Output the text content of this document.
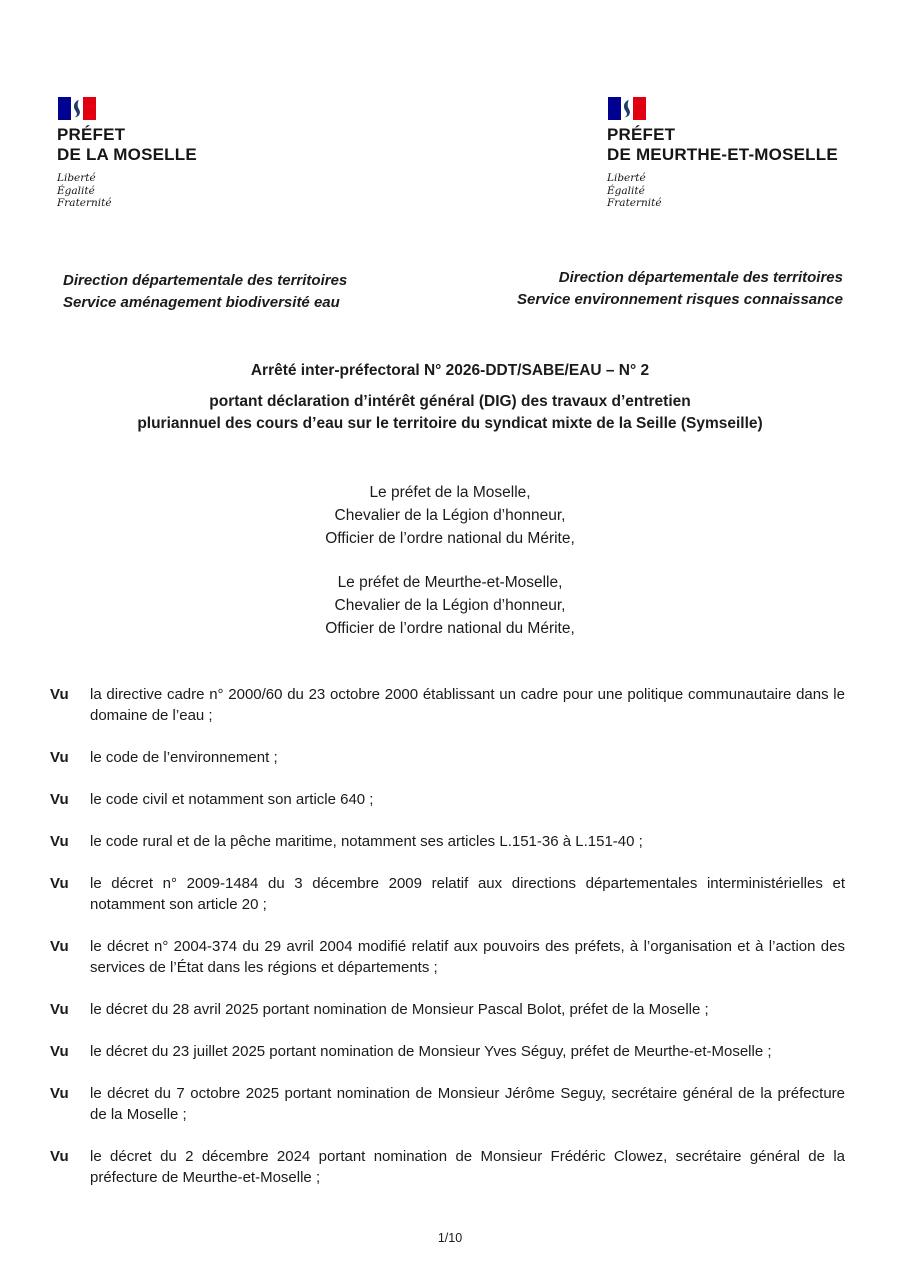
PRÉFET
DE LA MOSELLE
Liberté
Égalité
Fraternité
PRÉFET
DE MEURTHE-ET-MOSELLE
Liberté
Égalité
Fraternité
Direction départementale des territoires
Service aménagement biodiversité eau
Direction départementale des territoires
Service environnement risques connaissance
Arrêté inter-préfectoral N° 2026-DDT/SABE/EAU – N° 2
portant déclaration d’intérêt général (DIG) des travaux d’entretien
pluriannuel des cours d’eau sur le territoire du syndicat mixte de la Seille (Symseille)
Le préfet de la Moselle,
Chevalier de la Légion d’honneur,
Officier de l’ordre national du Mérite,
Le préfet de Meurthe-et-Moselle,
Chevalier de la Légion d’honneur,
Officier de l’ordre national du Mérite,
Vu	la directive cadre n° 2000/60 du 23 octobre 2000 établissant un cadre pour une politique communautaire dans le domaine de l’eau ;

Vu	le code de l’environnement ;

Vu	le code civil et notamment son article 640 ;

Vu	le code rural et de la pêche maritime, notamment ses articles L.151-36 à L.151-40 ;

Vu	le décret n° 2009-1484 du 3 décembre 2009 relatif aux directions départementales interministérielles et notamment son article 20 ;

Vu	le décret n° 2004-374 du 29 avril 2004 modifié relatif aux pouvoirs des préfets, à l’organisation et à l’action des services de l’État dans les régions et départements ;

Vu	le décret du 28 avril 2025 portant nomination de Monsieur Pascal Bolot, préfet de la Moselle ;

Vu	le décret du 23 juillet 2025 portant nomination de Monsieur Yves Séguy, préfet de Meurthe-et-Moselle ;

Vu	le décret du 7 octobre 2025 portant nomination de Monsieur Jérôme Seguy, secrétaire général de la préfecture de la Moselle ;

Vu	le décret du 2 décembre 2024 portant nomination de Monsieur Frédéric Clowez, secrétaire général de la préfecture de Meurthe-et-Moselle ;

1/10
